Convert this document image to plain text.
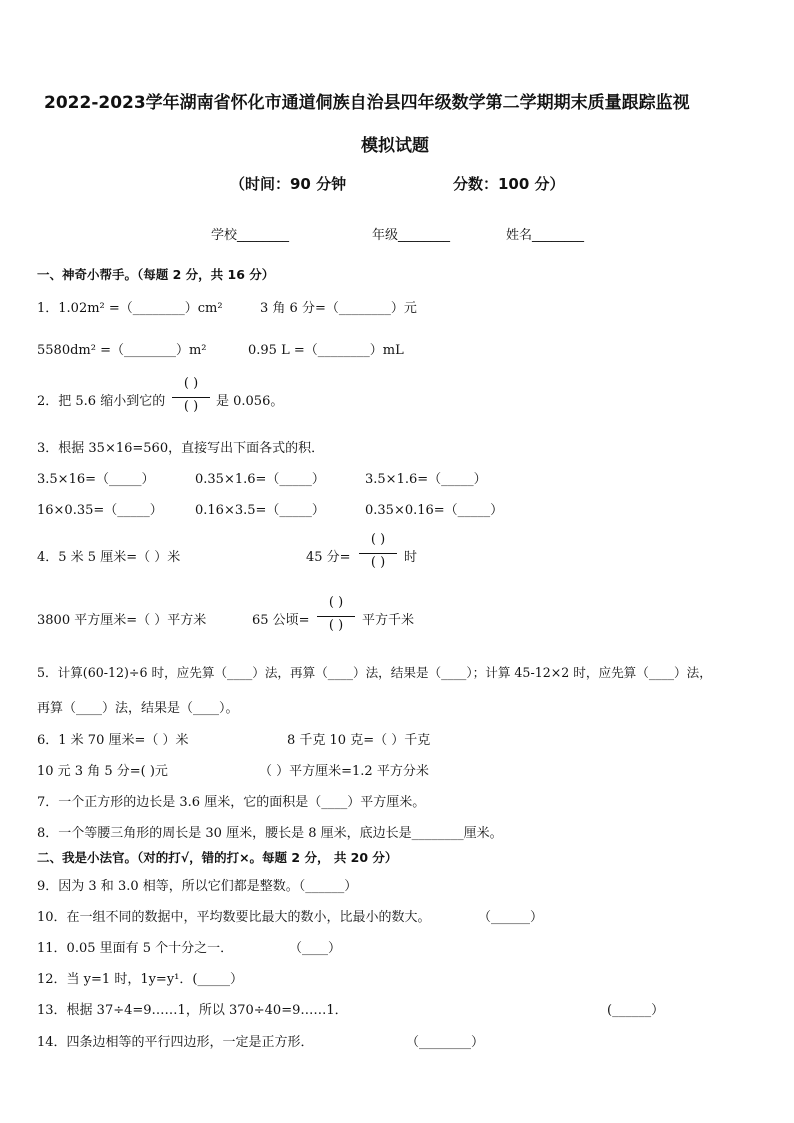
2022-2023学年湖南省怀化市通道侗族自治县四年级数学第二学期期末质量跟踪监视
模拟试题
（时间：90 分钟	分数：100 分）
学校________	年级________	姓名________
一、神奇小帮手。（每题 2 分，共 16 分）
1．1.02m² =（________）cm²	3 角 6 分=（________）元
5580dm² =（________）m²	0.95 L =（________）mL
2．把 5.6 缩小到它的
( )
( )	是 0.056。
3．根据 35×16=560，直接写出下面各式的积．
3.5×16=（_____）	0.35×1.6=（_____）	3.5×1.6=（_____）
16×0.35=（_____） 0.16×3.5=（_____）	0.35×0.16=（_____）
4．5 米 5 厘米=（ ）米	45 分=
( )
( )	时
3800 平方厘米=（ ）平方米	65 公顷=
( )
( )	平方千米
5．计算(60-12)÷6 时，应先算（____）法，再算（____）法，结果是（____）；计算 45-12×2 时，应先算（____）法，
再算（____）法，结果是（____）。
6．1 米 70 厘米=（ ）米	8 千克 10 克=（ ）千克
10 元 3 角 5 分=( )元	（ ）平方厘米=1.2 平方分米
7．一个正方形的边长是 3.6 厘米，它的面积是（____）平方厘米。
8．一个等腰三角形的周长是 30 厘米，腰长是 8 厘米，底边长是________厘米。
二、我是小法官。（对的打√，错的打×。每题 2 分， 共 20 分）
9．因为 3 和 3.0 相等，所以它们都是整数。（______）
10．在一组不同的数据中，平均数要比最大的数小，比最小的数大。	（______）
11．0.05 里面有 5 个十分之一．	（____）
12．当 y=1 时，1y=y¹．(_____）
13．根据 37÷4=9……1，所以 370÷40=9……1．	(______）
14．四条边相等的平行四边形，一定是正方形．	（________）
